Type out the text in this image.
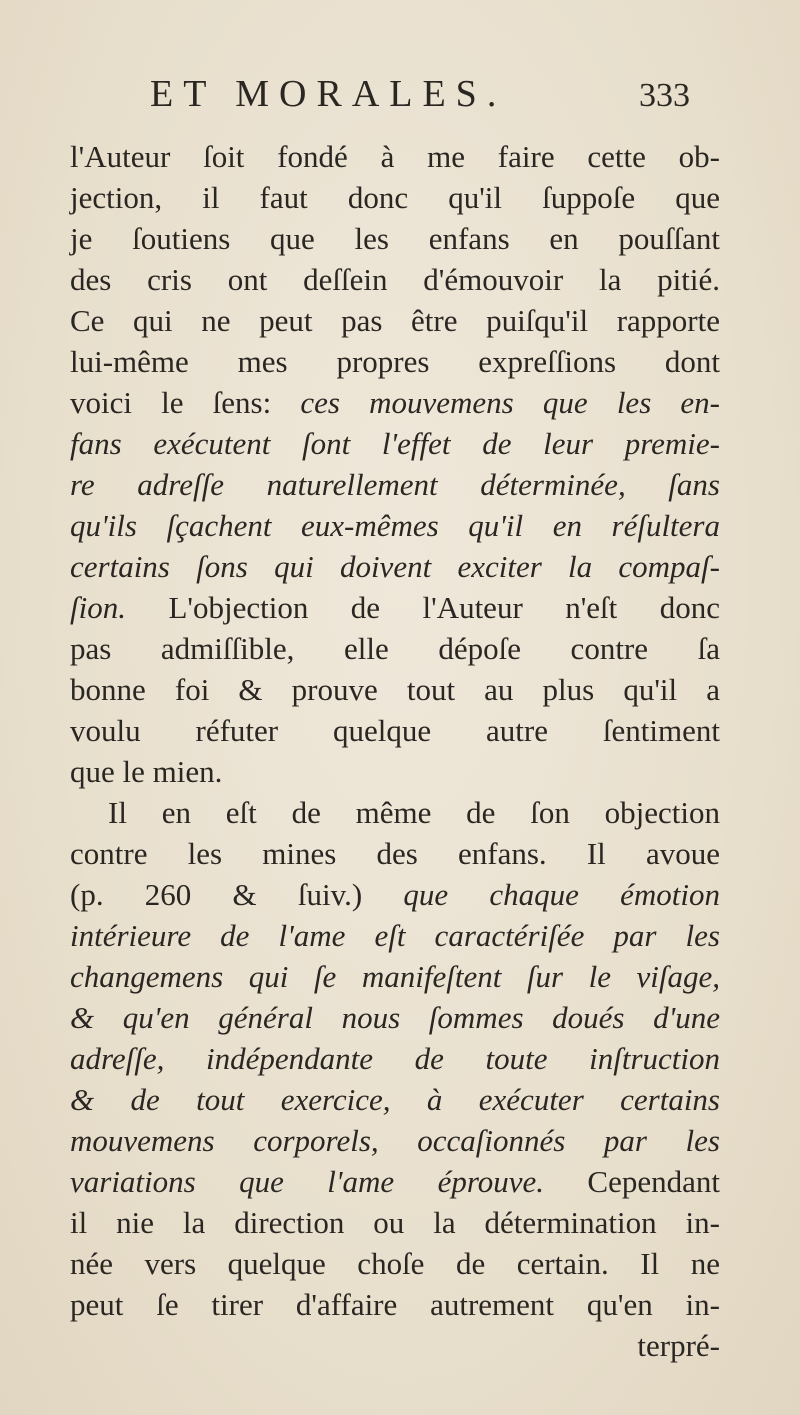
ET MORALES.	333
l'Auteur ſoit fondé à me faire cette ob-
jection, il faut donc qu'il ſuppoſe que
je ſoutiens que les enfans en pouſſant
des cris ont deſſein d'émouvoir la pitié.
Ce qui ne peut pas être puiſqu'il rapporte
lui-même mes propres expreſſions dont
voici le ſens: ces mouvemens que les en-
fans exécutent ſont l'effet de leur premie-
re adreſſe naturellement déterminée, ſans
qu'ils ſçachent eux-mêmes qu'il en réſultera
certains ſons qui doivent exciter la compaſ-
ſion. L'objection de l'Auteur n'eſt donc
pas admiſſible, elle dépoſe contre ſa
bonne foi & prouve tout au plus qu'il a
voulu réfuter quelque autre ſentiment
que le mien.
Il en eſt de même de ſon objection
contre les mines des enfans. Il avoue
(p. 260 & ſuiv.) que chaque émotion
intérieure de l'ame eſt caractériſée par les
changemens qui ſe manifeſtent ſur le viſage,
& qu'en général nous ſommes doués d'une
adreſſe, indépendante de toute inſtruction
& de tout exercice, à exécuter certains
mouvemens corporels, occaſionnés par les
variations que l'ame éprouve. Cependant
il nie la direction ou la détermination in-
née vers quelque choſe de certain. Il ne
peut ſe tirer d'affaire autrement qu'en in-
terpré-
